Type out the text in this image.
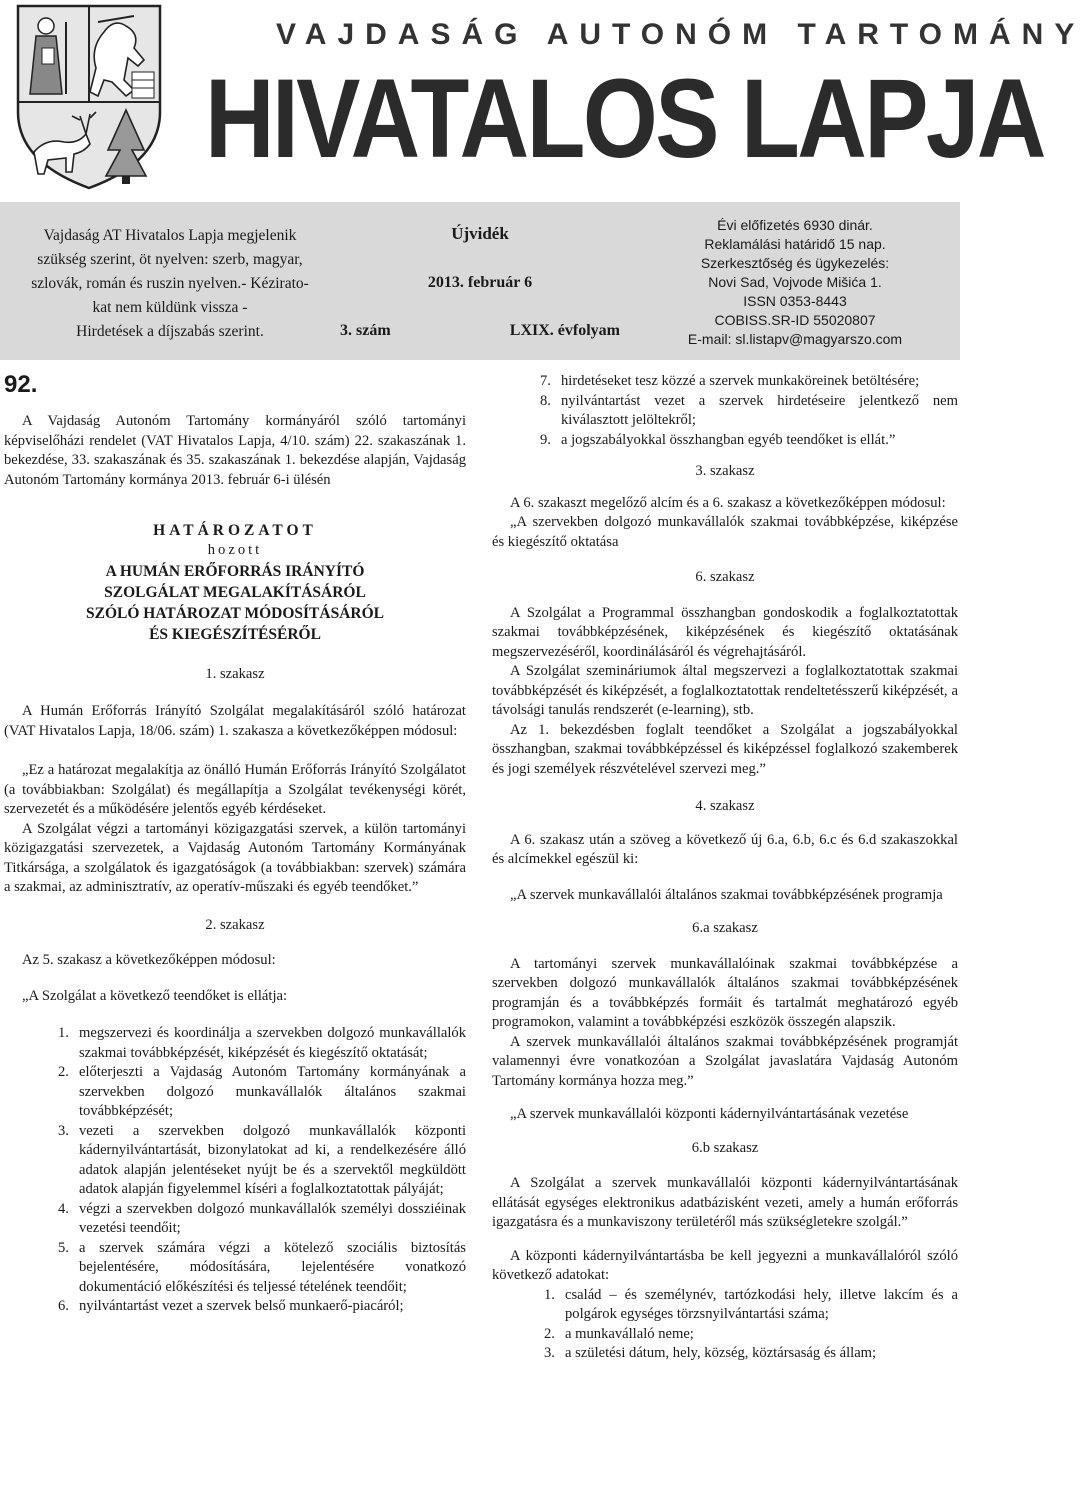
VAJDASÁG AUTONÓM TARTOMÁNY
HIVATALOS LAPJA
Vajdaság AT Hivatalos Lapja megjelenik
szükség szerint, öt nyelven: szerb, magyar,
szlovák, román és ruszin nyelven.- Kézirato-
kat nem küldünk vissza -
Hirdetések a díjszabás szerint.
Újvidék
2013. február 6
3. szám	LXIX. évfolyam
Évi előfizetés 6930 dinár.
Reklamálási határidő 15 nap.
Szerkesztőség és ügykezelés:
Novi Sad, Vojvode Mišića 1.
ISSN 0353-8443
COBISS.SR-ID 55020807
E-mail: sl.listapv@magyarszo.com

92.

A Vajdaság Autonóm Tartomány kormányáról szóló tartományi képviselőházi rendelet (VAT Hivatalos Lapja, 4/10. szám) 22. szakaszának 1. bekezdése, 33. szakaszának és 35. szakaszának 1. bekezdése alapján, Vajdaság Autonóm Tartomány kormánya 2013. február 6-i ülésén

HATÁROZATOT

hozott

A HUMÁN ERŐFORRÁS IRÁNYÍTÓ

SZOLGÁLAT MEGALAKÍTÁSÁRÓL

SZÓLÓ HATÁROZAT MÓDOSÍTÁSÁRÓL

ÉS KIEGÉSZÍTÉSÉRŐL

1. szakasz

A Humán Erőforrás Irányító Szolgálat megalakításáról szóló határozat (VAT Hivatalos Lapja, 18/06. szám) 1. szakasza a következőképpen módosul:

„Ez a határozat megalakítja az önálló Humán Erőforrás Irányító Szolgálatot (a továbbiakban: Szolgálat) és megállapítja a Szolgálat tevékenységi körét, szervezetét és a működésére jelentős egyéb kérdéseket.

A Szolgálat végzi a tartományi közigazgatási szervek, a külön tartományi közigazgatási szervezetek, a Vajdaság Autonóm Tartomány Kormányának Titkársága, a szolgálatok és igazgatóságok (a továbbiakban: szervek) számára a szakmai, az adminisztratív, az operatív-műszaki és egyéb teendőket.”

2. szakasz

Az 5. szakasz a következőképpen módosul:

„A Szolgálat a következő teendőket is ellátja:

1. megszervezi és koordinálja a szervekben dolgozó munkavállalók szakmai továbbképzését, kiképzését és kiegészítő oktatását;

2. előterjeszti a Vajdaság Autonóm Tartomány kormányának a szervekben dolgozó munkavállalók általános szakmai továbbképzését;

3. vezeti a szervekben dolgozó munkavállalók központi kádernyilvántartását, bizonylatokat ad ki, a rendelkezésére álló adatok alapján jelentéseket nyújt be és a szervektől megküldött adatok alapján figyelemmel kíséri a foglalkoztatottak pályáját;

4. végzi a szervekben dolgozó munkavállalók személyi dossziéinak vezetési teendőit;

5. a szervek számára végzi a kötelező szociális biztosítás bejelentésére, módosítására, lejelentésére vonatkozó dokumentáció előkészítési és teljessé tételének teendőit;

6. nyilvántartást vezet a szervek belső munkaerő-piacáról;

7. hirdetéseket tesz közzé a szervek munkaköreinek betöltésére;

8. nyilvántartást vezet a szervek hirdetéseire jelentkező nem kiválasztott jelöltekről;

9. a jogszabályokkal összhangban egyéb teendőket is ellát.”

3. szakasz

A 6. szakaszt megelőző alcím és a 6. szakasz a következőképpen módosul:

„A szervekben dolgozó munkavállalók szakmai továbbképzése, kiképzése és kiegészítő oktatása

6. szakasz

A Szolgálat a Programmal összhangban gondoskodik a foglalkoztatottak szakmai továbbképzésének, kiképzésének és kiegészítő oktatásának megszervezéséről, koordinálásáról és végrehajtásáról.

A Szolgálat szemináriumok által megszervezi a foglalkoztatottak szakmai továbbképzését és kiképzését, a foglalkoztatottak rendeltetésszerű kiképzését, a távolsági tanulás rendszerét (e-learning), stb.

Az 1. bekezdésben foglalt teendőket a Szolgálat a jogszabályokkal összhangban, szakmai továbbképzéssel és kiképzéssel foglalkozó szakemberek és jogi személyek részvételével szervezi meg.”

4. szakasz

A 6. szakasz után a szöveg a következő új 6.a, 6.b, 6.c és 6.d szakaszokkal és alcímekkel egészül ki:

„A szervek munkavállalói általános szakmai továbbképzésének programja

6.a szakasz

A tartományi szervek munkavállalóinak szakmai továbbképzése a szervekben dolgozó munkavállalók általános szakmai továbbképzésének programján és a továbbképzés formáit és tartalmát meghatározó egyéb programokon, valamint a továbbképzési eszközök összegén alapszik.

A szervek munkavállalói általános szakmai továbbképzésének programját valamennyi évre vonatkozóan a Szolgálat javaslatára Vajdaság Autonóm Tartomány kormánya hozza meg.”

„A szervek munkavállalói központi kádernyilvántartásának vezetése

6.b szakasz

A Szolgálat a szervek munkavállalói központi kádernyilvántartásának ellátását egységes elektronikus adatbázisként vezeti, amely a humán erőforrás igazgatásra és a munkaviszony területéről más szükségletekre szolgál.”

A központi kádernyilvántartásba be kell jegyezni a munkavállalóról szóló következő adatokat:

1. család – és személynév, tartózkodási hely, illetve lakcím és a polgárok egységes törzsnyilvántartási száma;

2. a munkavállaló neme;

3. a születési dátum, hely, község, köztársaság és állam;
